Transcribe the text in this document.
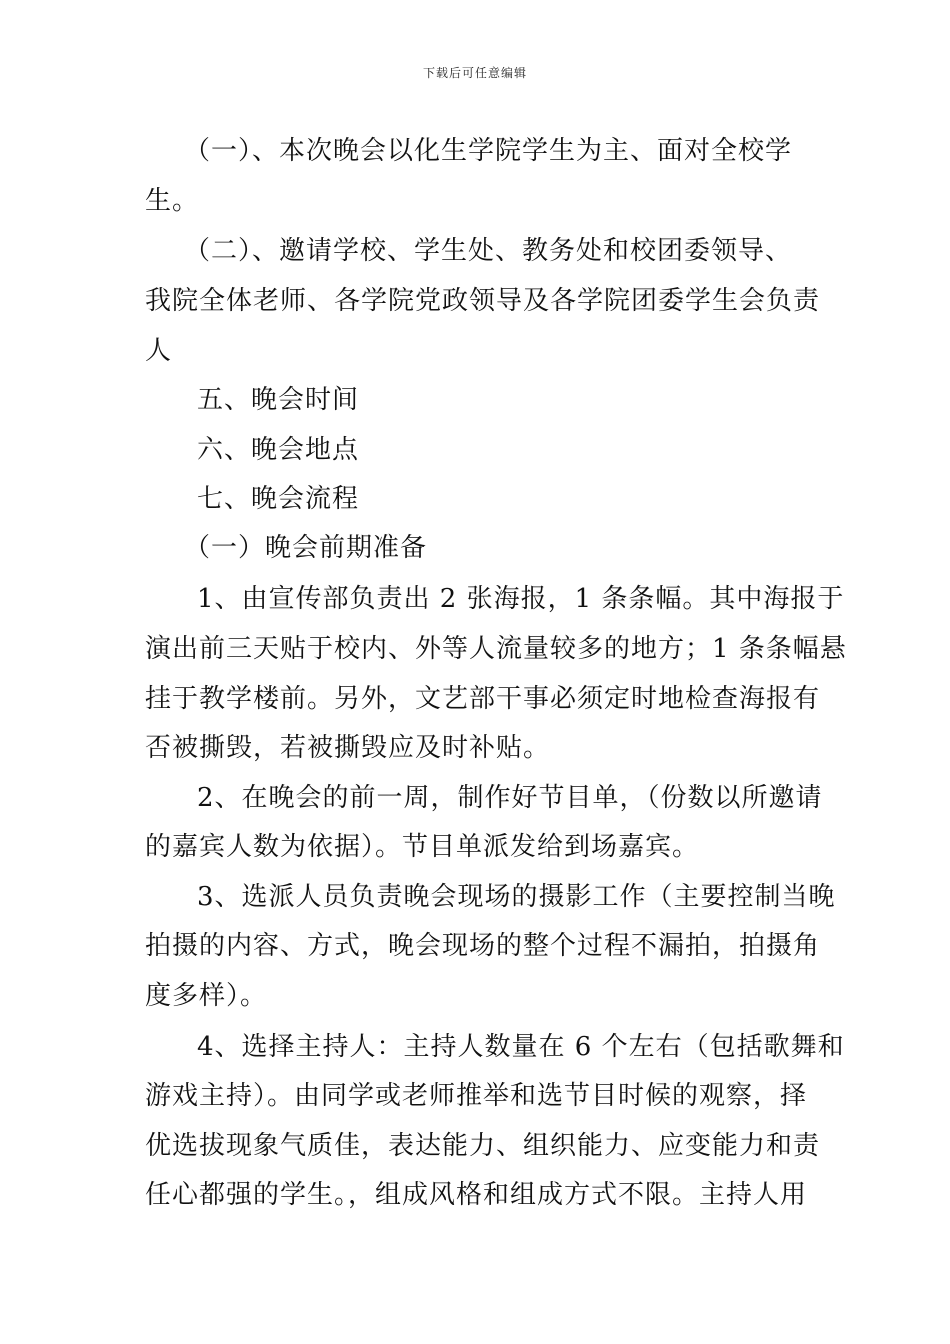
下载后可任意编辑
　（一）、本次晚会以化生学院学生为主、面对全校学
生。
　（二）、邀请学校、学生处、教务处和校团委领导、
我院全体老师、各学院党政领导及各学院团委学生会负责
人
　五、晚会时间
　六、晚会地点
　七、晚会流程
　（一）晚会前期准备
　1、由宣传部负责出 2 张海报，1 条条幅。其中海报于
演出前三天贴于校内、外等人流量较多的地方；1 条条幅悬
挂于教学楼前。另外，文艺部干事必须定时地检查海报有
否被撕毁，若被撕毁应及时补贴。
　2、在晚会的前一周，制作好节目单，（份数以所邀请
的嘉宾人数为依据）。节目单派发给到场嘉宾。
　3、选派人员负责晚会现场的摄影工作（主要控制当晚
拍摄的内容、方式，晚会现场的整个过程不漏拍，拍摄角
度多样）。
　4、选择主持人：主持人数量在 6 个左右（包括歌舞和
游戏主持）。由同学或老师推举和选节目时候的观察，择
优选拔现象气质佳，表达能力、组织能力、应变能力和责
任心都强的学生。，组成风格和组成方式不限。主持人用
